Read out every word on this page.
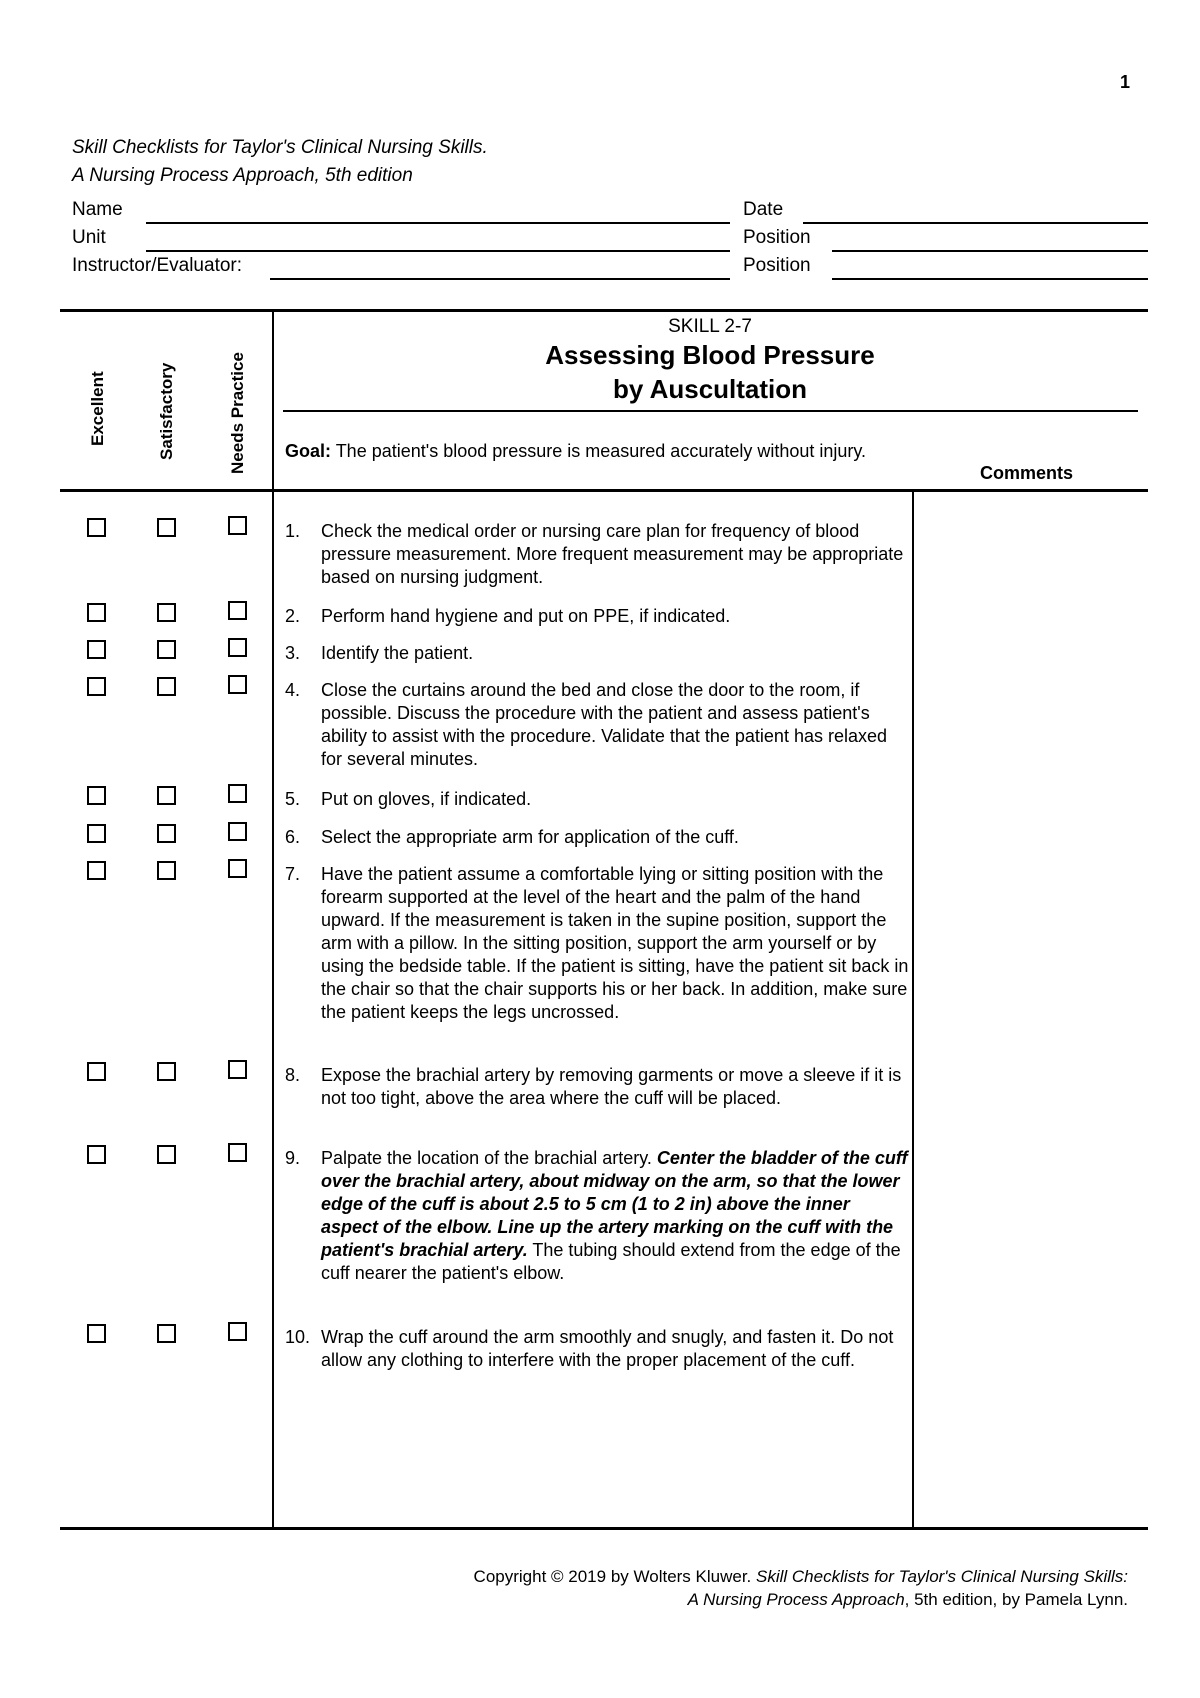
1
Skill Checklists for Taylor's Clinical Nursing Skills.
A Nursing Process Approach, 5th edition
Name	Date
Unit	Position
Instructor/Evaluator:	Position
Excellent	Satisfactory	Needs Practice
SKILL 2-7
Assessing Blood Pressure
by Auscultation
Goal: The patient's blood pressure is measured accurately without injury.
Comments
1. Check the medical order or nursing care plan for frequency of blood pressure measurement. More frequent measurement may be appropriate based on nursing judgment.
2. Perform hand hygiene and put on PPE, if indicated.
3. Identify the patient.
4. Close the curtains around the bed and close the door to the room, if possible. Discuss the procedure with the patient and assess patient's ability to assist with the procedure. Validate that the patient has relaxed for several minutes.
5. Put on gloves, if indicated.
6. Select the appropriate arm for application of the cuff.
7. Have the patient assume a comfortable lying or sitting position with the forearm supported at the level of the heart and the palm of the hand upward. If the measurement is taken in the supine position, support the arm with a pillow. In the sitting position, support the arm yourself or by using the bedside table. If the patient is sitting, have the patient sit back in the chair so that the chair supports his or her back. In addition, make sure the patient keeps the legs uncrossed.
8. Expose the brachial artery by removing garments or move a sleeve if it is not too tight, above the area where the cuff will be placed.
9. Palpate the location of the brachial artery. Center the bladder of the cuff over the brachial artery, about midway on the arm, so that the lower edge of the cuff is about 2.5 to 5 cm (1 to 2 in) above the inner aspect of the elbow. Line up the artery marking on the cuff with the patient's brachial artery. The tubing should extend from the edge of the cuff nearer the patient's elbow.
10. Wrap the cuff around the arm smoothly and snugly, and fasten it. Do not allow any clothing to interfere with the proper placement of the cuff.
Copyright © 2019 by Wolters Kluwer. Skill Checklists for Taylor's Clinical Nursing Skills:
A Nursing Process Approach, 5th edition, by Pamela Lynn.
